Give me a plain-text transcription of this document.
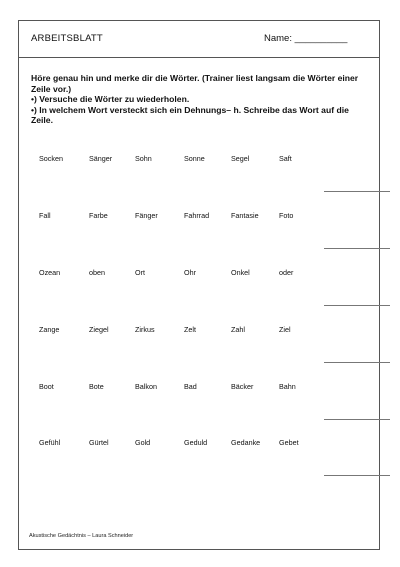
ARBEITSBLATT	Name: __________
Höre genau hin und merke dir die Wörter. (Trainer liest langsam die Wörter einer Zeile vor.)
•) Versuche die Wörter zu wiederholen.
•) In welchem Wort versteckt sich ein Dehnungs– h. Schreibe das Wort auf die Zeile.
Socken	Sänger	Sohn	Sonne	Segel	Saft
Fall	Farbe	Fänger	Fahrrad	Fantasie	Foto
Ozean	oben	Ort	Ohr	Onkel	oder
Zange	Ziegel	Zirkus	Zelt	Zahl	Ziel
Boot	Bote	Balkon	Bad	Bäcker	Bahn
Gefühl	Gürtel	Gold	Geduld	Gedanke	Gebet
Akustische Gedächtnis – Laura Schneider
